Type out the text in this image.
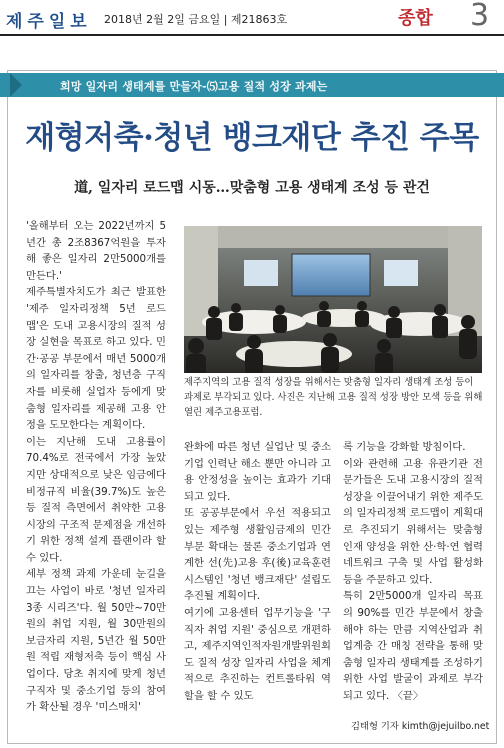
제주일보 2018년 2월 2일 금요일 | 제21863호	종합 3
희망 일자리 생태계를 만들자-⑸고용 질적 성장 과제는
재형저축·청년 뱅크재단 추진 주목
道, 일자리 로드맵 시동…맞춤형 고용 생태계 조성 등 관건

'올해부터 오는 2022년까지 5년간 총 2조8367억원을 투자해 좋은 일자리 2만5000개를 만든다.'

제주특별자치도가 최근 발표한 '제주 일자리정책 5년 로드맵'은 도내 고용시장의 질적 성장 실현을 목표로 하고 있다. 민간·공공 부문에서 매년 5000개의 일자리를 창출, 청년층 구직자를 비롯해 실업자 등에게 맞춤형 일자리를 제공해 고용 안정을 도모한다는 계획이다.

이는 지난해 도내 고용률이 70.4%로 전국에서 가장 높았지만 상대적으로 낮은 임금에다 비정규직 비율(39.7%)도 높은 등 질적 측면에서 취약한 고용시장의 구조적 문제점을 개선하기 위한 정책 설계 플랜이라 할 수 있다.

세부 정책 과제 가운데 눈길을 끄는 사업이 바로 '청년 일자리 3종 시리즈'다. 월 50만~70만원의 취업 지원, 월 30만원의 보금자리 지원, 5년간 월 50만원 적립 재형저축 등이 핵심 사업이다. 당초 취지에 맞게 청년 구직자 및 중소기업 등의 참여가 확산될 경우 '미스매치'

제주지역의 고용 질적 성장을 위해서는 맞춤형 일자리 생태계 조성 등이 과제로 부각되고 있다. 사진은 지난해 고용 질적 성장 방안 모색 등을 위해 열린 제주고용포럼.

완화에 따른 청년 실업난 및 중소기업 인력난 해소 뿐만 아니라 고용 안정성을 높이는 효과가 기대되고 있다.

또 공공부문에서 우선 적용되고 있는 제주형 생활임금제의 민간부문 확대는 물론 중소기업과 연계한 선(先)고용 후(後)교육훈련 시스템인 '청년 뱅크재단' 설립도 추진될 계획이다.

여기에 고용센터 업무기능을 '구직자 취업 지원' 중심으로 개편하고, 제주지역인적자원개발위원회도 질적 성장 일자리 사업을 체계적으로 추진하는 컨트롤타워 역할을 할 수 있도

록 기능을 강화할 방침이다.

이와 관련해 고용 유관기관 전문가들은 도내 고용시장의 질적 성장을 이끌어내기 위한 제주도의 일자리정책 로드맵이 계획대로 추진되기 위해서는 맞춤형 인재 양성을 위한 산·학·연 협력 네트워크 구축 및 사업 활성화 등을 주문하고 있다.

특히 2만5000개 일자리 목표의 90%를 민간 부문에서 창출해야 하는 만큼 지역산업과 취업계층 간 매칭 전략을 통해 맞춤형 일자리 생태계를 조성하기 위한 사업 발굴이 과제로 부각되고 있다. 〈끝〉

김태형 기자 kimth@jejuilbo.net
